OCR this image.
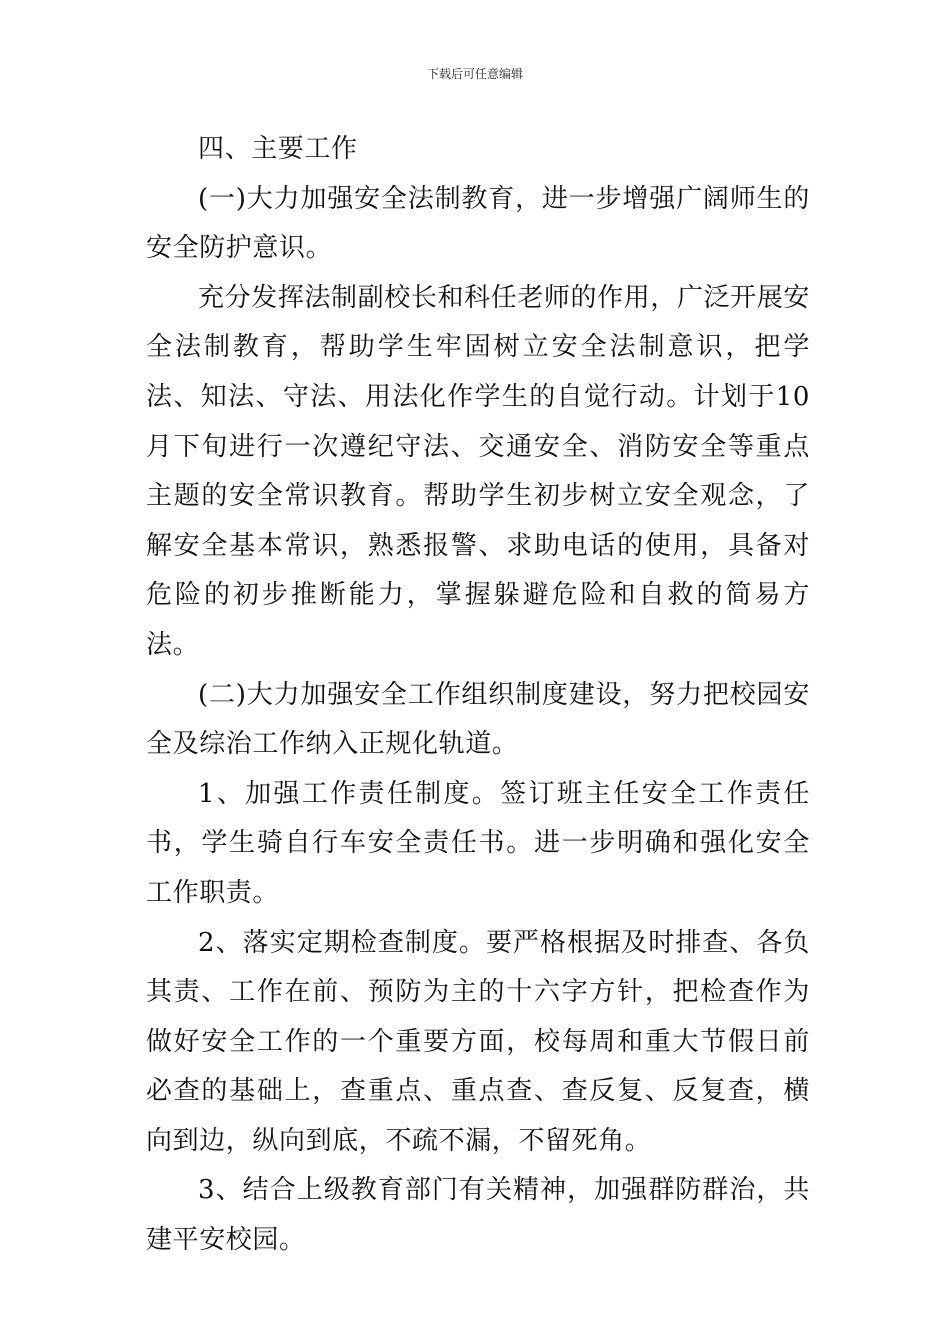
下载后可任意编辑

四、主要工作

(一)大力加强安全法制教育，进一步增强广阔师生的安全防护意识。

充分发挥法制副校长和科任老师的作用，广泛开展安全法制教育，帮助学生牢固树立安全法制意识，把学法、知法、守法、用法化作学生的自觉行动。计划于10月下旬进行一次遵纪守法、交通安全、消防安全等重点主题的安全常识教育。帮助学生初步树立安全观念，了解安全基本常识，熟悉报警、求助电话的使用，具备对危险的初步推断能力，掌握躲避危险和自救的简易方法。

(二)大力加强安全工作组织制度建设，努力把校园安全及综治工作纳入正规化轨道。

1、加强工作责任制度。签订班主任安全工作责任书，学生骑自行车安全责任书。进一步明确和强化安全工作职责。

2、落实定期检查制度。要严格根据及时排查、各负其责、工作在前、预防为主的十六字方针，把检查作为做好安全工作的一个重要方面，校每周和重大节假日前必查的基础上，查重点、重点查、查反复、反复查，横向到边，纵向到底，不疏不漏，不留死角。

3、结合上级教育部门有关精神，加强群防群治，共建平安校园。
